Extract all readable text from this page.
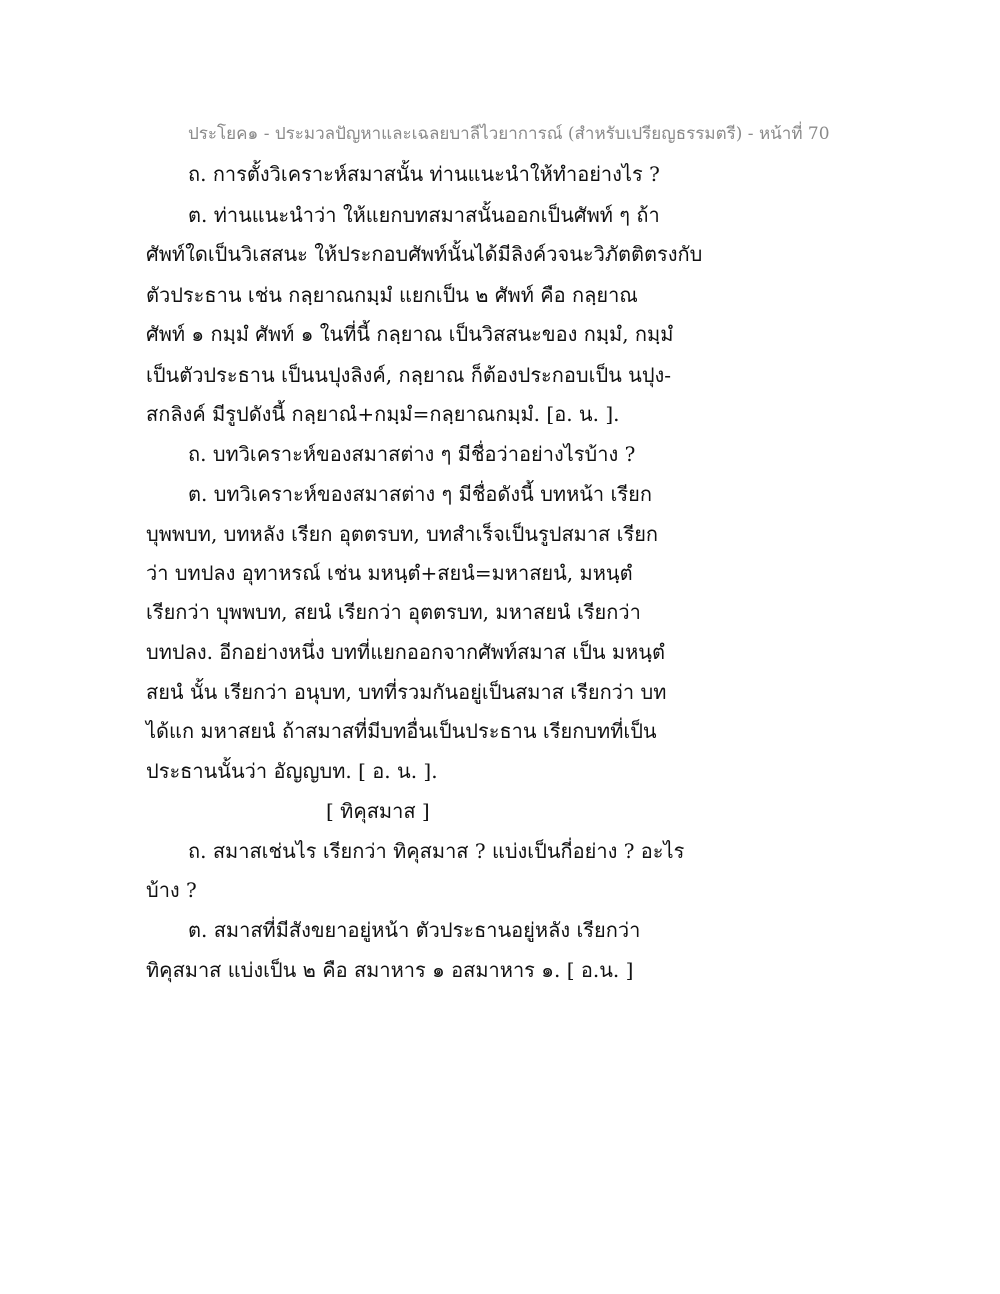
ประโยค๑ - ประมวลปัญหาและเฉลยบาลีไวยาการณ์ (สำหรับเปรียญธรรมตรี) - หน้าที่ 70
ถ. การตั้งวิเคราะห์สมาสนั้น ท่านแนะนำให้ทำอย่างไร ?
ต. ท่านแนะนำว่า ให้แยกบทสมาสนั้นออกเป็นศัพท์ ๆ ถ้า
ศัพท์ใดเป็นวิเสสนะ ให้ประกอบศัพท์นั้นได้มีลิงค์วจนะวิภัตติตรงกับ
ตัวประธาน เช่น กลฺยาณกมฺมํ แยกเป็น ๒ ศัพท์ คือ กลฺยาณ
ศัพท์ ๑ กมฺมํ ศัพท์ ๑ ในที่นี้ กลฺยาณ เป็นวิสสนะของ กมฺมํ, กมฺมํ
เป็นตัวประธาน เป็นนปุงลิงค์, กลฺยาณ ก็ต้องประกอบเป็น นปุง-
สกลิงค์ มีรูปดังนี้ กลฺยาณํ+กมฺมํ=กลฺยาณกมฺมํ. [อ. น. ].
ถ. บทวิเคราะห์ของสมาสต่าง ๆ มีชื่อว่าอย่างไรบ้าง ?
ต. บทวิเคราะห์ของสมาสต่าง ๆ มีชื่อดังนี้ บทหน้า เรียก
บุพพบท, บทหลัง เรียก อุตตรบท, บทสำเร็จเป็นรูปสมาส เรียก
ว่า บทปลง อุทาหรณ์ เช่น มหนฺตํ+สยนํ=มหาสยนํ, มหนฺตํ
เรียกว่า บุพพบท, สยนํ เรียกว่า อุตตรบท, มหาสยนํ เรียกว่า
บทปลง. อีกอย่างหนึ่ง บทที่แยกออกจากศัพท์สมาส เป็น มหนฺตํ
สยนํ นั้น เรียกว่า อนุบท, บทที่รวมกันอยู่เป็นสมาส เรียกว่า บท
ได้แก มหาสยนํ ถ้าสมาสที่มีบทอื่นเป็นประธาน เรียกบทที่เป็น
ประธานนั้นว่า อัญญบท. [ อ. น. ].
[ ทิคุสมาส ]
ถ. สมาสเช่นไร เรียกว่า ทิคุสมาส ? แบ่งเป็นกี่อย่าง ? อะไร
บ้าง ?
ต. สมาสที่มีสังขยาอยู่หน้า ตัวประธานอยู่หลัง เรียกว่า
ทิคุสมาส แบ่งเป็น ๒ คือ สมาหาร ๑ อสมาหาร ๑. [ อ.น. ]
